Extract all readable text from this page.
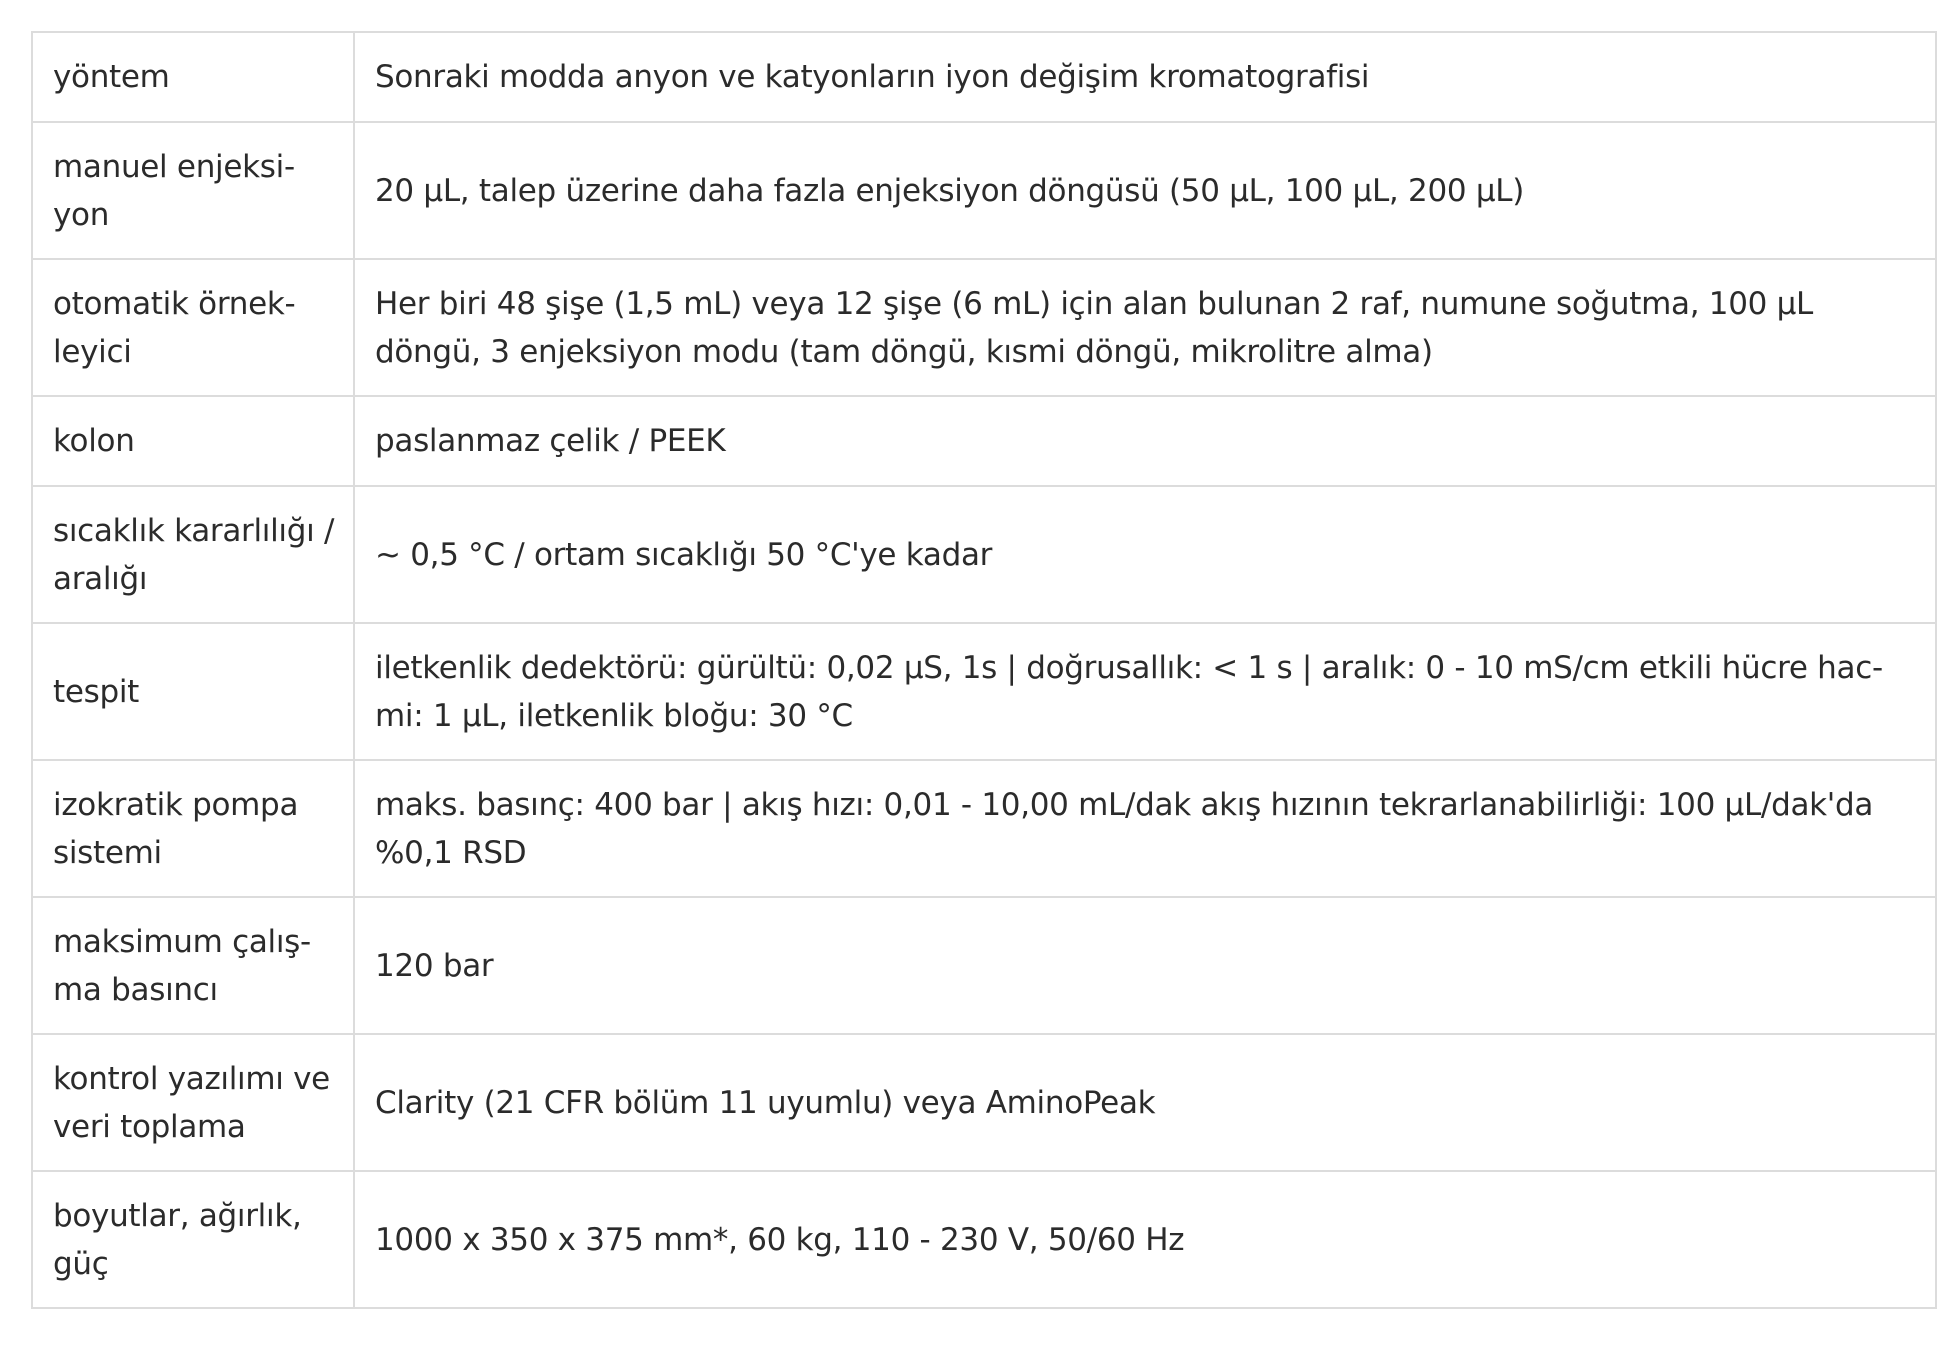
yöntem	Sonraki modda anyon ve katyonların iyon değişim kromatografisi
manuel enjeksi-​yon	20 µL, talep üzerine daha fazla enjeksiyon döngüsü (50 µL, 100 µL, 200 µL)
otomatik örnek-​leyici	Her biri 48 şişe (1,5 mL) veya 12 şişe (6 mL) için alan bulunan 2 raf, numune soğutma, 100 µL döngü, 3 enjeksiyon modu (tam döngü, kısmi döngü, mikrolitre alma)
kolon	paslanmaz çelik / PEEK
sıcaklık kararlılığı / aralığı	~ 0,5 °C / ortam sıcaklığı 50 °C'ye kadar
tespit	iletkenlik dedektörü: gürültü: 0,02 µS, 1s | doğrusallık: < 1 s | aralık: 0 - 10 mS/cm etkili hücre hac-​mi: 1 µL, iletkenlik bloğu: 30 °C
izokratik pompa sistemi	maks. basınç: 400 bar | akış hızı: 0,01 - 10,00 mL/dak akış hızının tekrarlanabilirliği: 100 µL/dak'da %0,1 RSD
maksimum çalış-​ma basıncı	120 bar
kontrol yazılımı ve veri toplama	Clarity (21 CFR bölüm 11 uyumlu) veya AminoPeak
boyutlar, ağırlık, güç	1000 x 350 x 375 mm*, 60 kg, 110 - 230 V, 50/60 Hz
